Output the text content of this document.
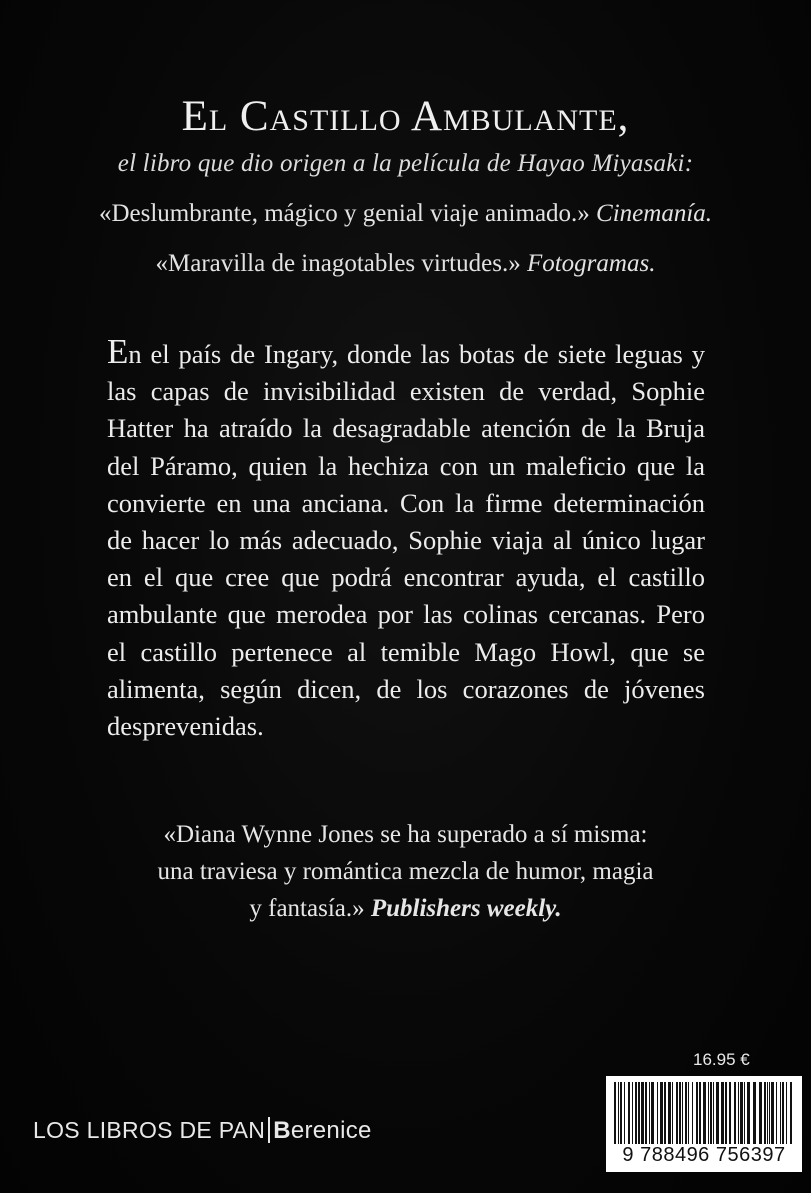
El Castillo Ambulante,
el libro que dio origen a la película de Hayao Miyasaki:
«Deslumbrante, mágico y genial viaje animado.» Cinemanía.
«Maravilla de inagotables virtudes.» Fotogramas.
En el país de Ingary, donde las botas de siete leguas y las capas de invisibilidad existen de verdad, Sophie Hatter ha atraído la desagradable atención de la Bruja del Páramo, quien la hechiza con un maleficio que la convierte en una anciana. Con la firme determinación de hacer lo más adecuado, Sophie viaja al único lugar en el que cree que podrá encontrar ayuda, el castillo ambulante que merodea por las colinas cercanas. Pero el castillo pertenece al temible Mago Howl, que se alimenta, según dicen, de los corazones de jóvenes desprevenidas.
«Diana Wynne Jones se ha superado a sí misma:
una traviesa y romántica mezcla de humor, magia
y fantasía.» Publishers weekly.
LOS LIBROS DE PAN Berenice
16.95 €
9 788496 756397
